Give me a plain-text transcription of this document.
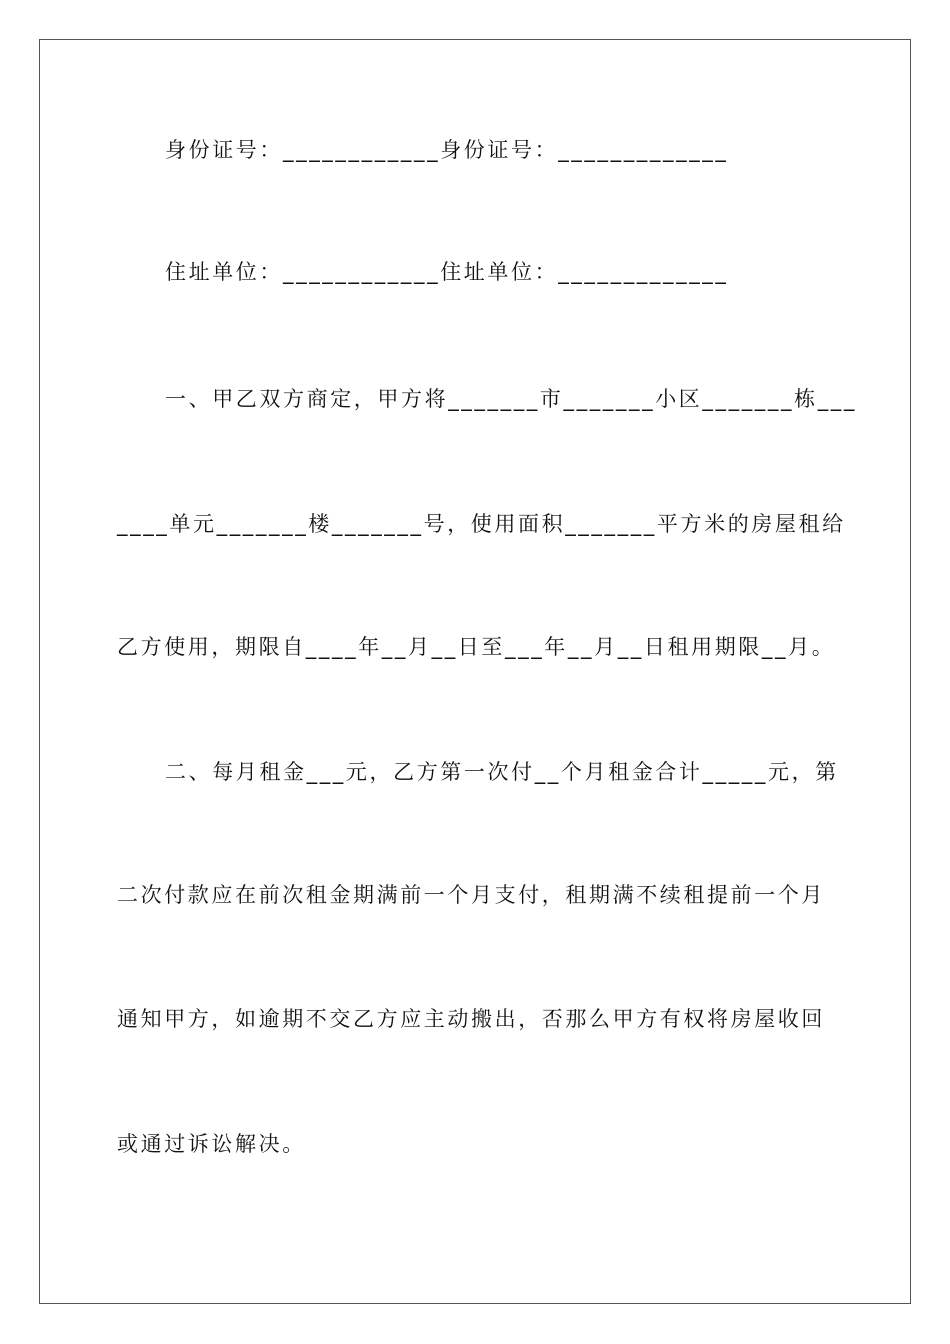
身份证号：____________身份证号：_____________
住址单位：____________住址单位：_____________
一、甲乙双方商定，甲方将_______市_______小区_______栋___
____单元_______楼_______号，使用面积_______平方米的房屋租给
乙方使用，期限自____年__月__日至___年__月__日租用期限__月。
二、每月租金___元，乙方第一次付__个月租金合计_____元，第
二次付款应在前次租金期满前一个月支付，租期满不续租提前一个月
通知甲方，如逾期不交乙方应主动搬出，否那么甲方有权将房屋收回
或通过诉讼解决。
